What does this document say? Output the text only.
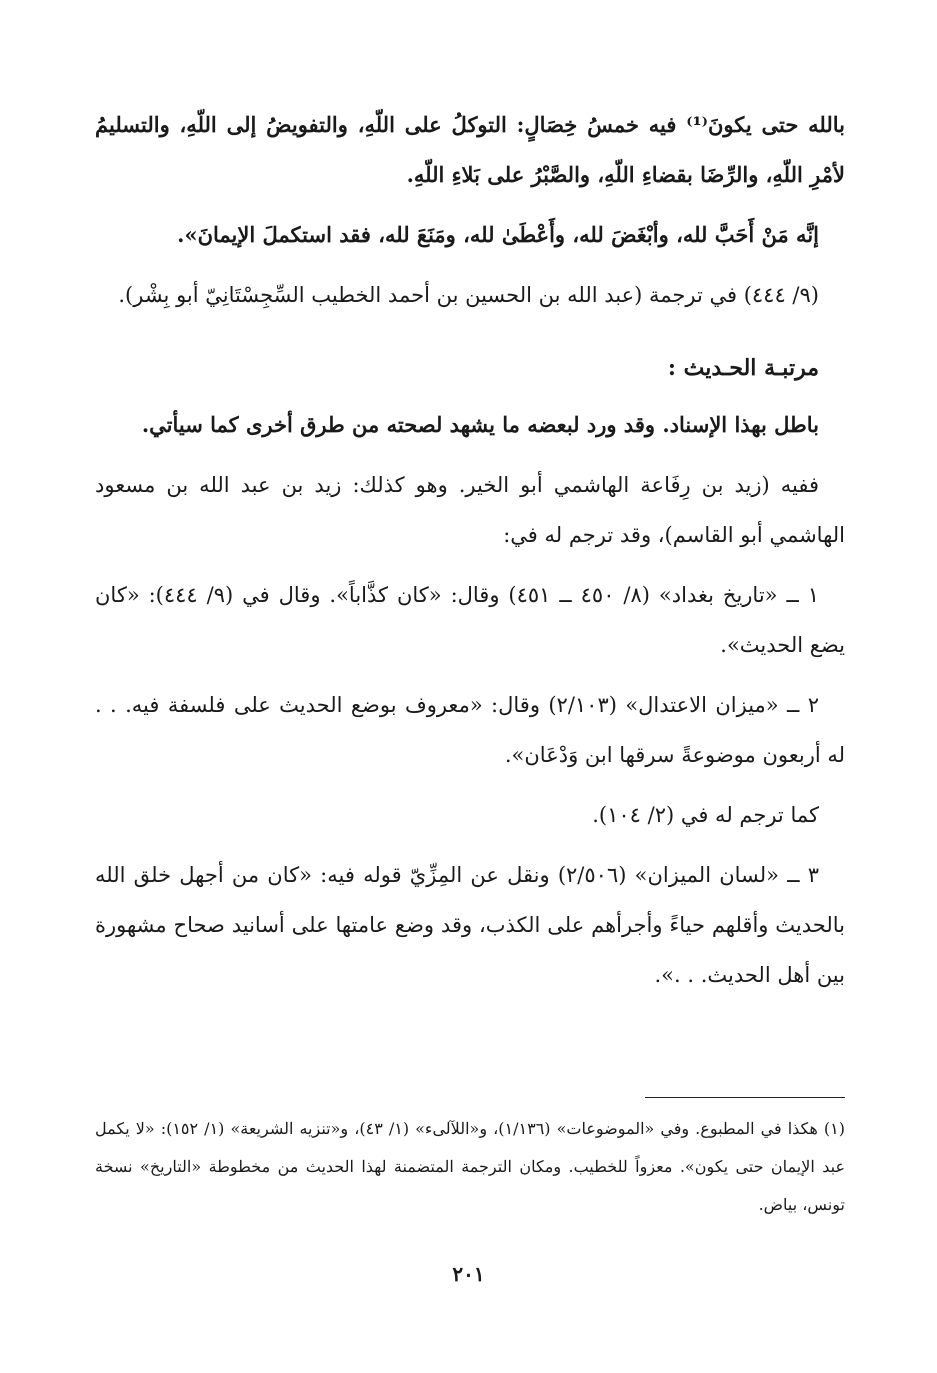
بالله حتى يكونَ⁽¹⁾ فيه خمسُ خِصَالٍ: التوكلُ على اللّهِ، والتفويضُ إلى اللّهِ، والتسليمُ لأمْرِ اللّهِ، والرِّضَا بقضاءِ اللّهِ، والصَّبْرُ على بَلاءِ اللّهِ.

إنَّه مَنْ أَحَبَّ لله، وأبْغَضَ لله، وأَعْطَىٰ لله، ومَنَعَ لله، فقد استكملَ الإيمانَ».

(٩/ ٤٤٤) في ترجمة (عبد الله بن الحسين بن أحمد الخطيب السِّجِسْتَانِيّ أبو بِشْر).

مرتبـة الحـديث :

باطل بهذا الإسناد. وقد ورد لبعضه ما يشهد لصحته من طرق أخرى كما سيأتي.

ففيه (زيد بن رِفَاعة الهاشمي أبو الخير. وهو كذلك: زيد بن عبد الله بن مسعود الهاشمي أبو القاسم)، وقد ترجم له في:

١ ــ «تاريخ بغداد» (٨/ ٤٥٠ ــ ٤٥١) وقال: «كان كذَّاباً». وقال في (٩/ ٤٤٤): «كان يضع الحديث».

٢ ــ «ميزان الاعتدال» (٢/١٠٣) وقال: «معروف بوضع الحديث على فلسفة فيه. . . له أربعون موضوعةً سرقها ابن وَدْعَان».

كما ترجم له في (٢/ ١٠٤).

٣ ــ «لسان الميزان» (٢/٥٠٦) ونقل عن المِزِّيّ قوله فيه: «كان من أجهل خلق الله بالحديث وأقلهم حياءً وأجرأهم على الكذب، وقد وضع عامتها على أسانيد صحاح مشهورة بين أهل الحديث. . .».

(١) هكذا في المطبوع. وفي «الموضوعات» (١/١٣٦)، و«اللآلىء» (١/ ٤٣)، و«تنزيه الشريعة» (١/ ١٥٢): «لا يكمل عبد الإيمان حتى يكون». معزواً للخطيب. ومكان الترجمة المتضمنة لهذا الحديث من مخطوطة «التاريخ» نسخة تونس، بياض.
٢٠١
